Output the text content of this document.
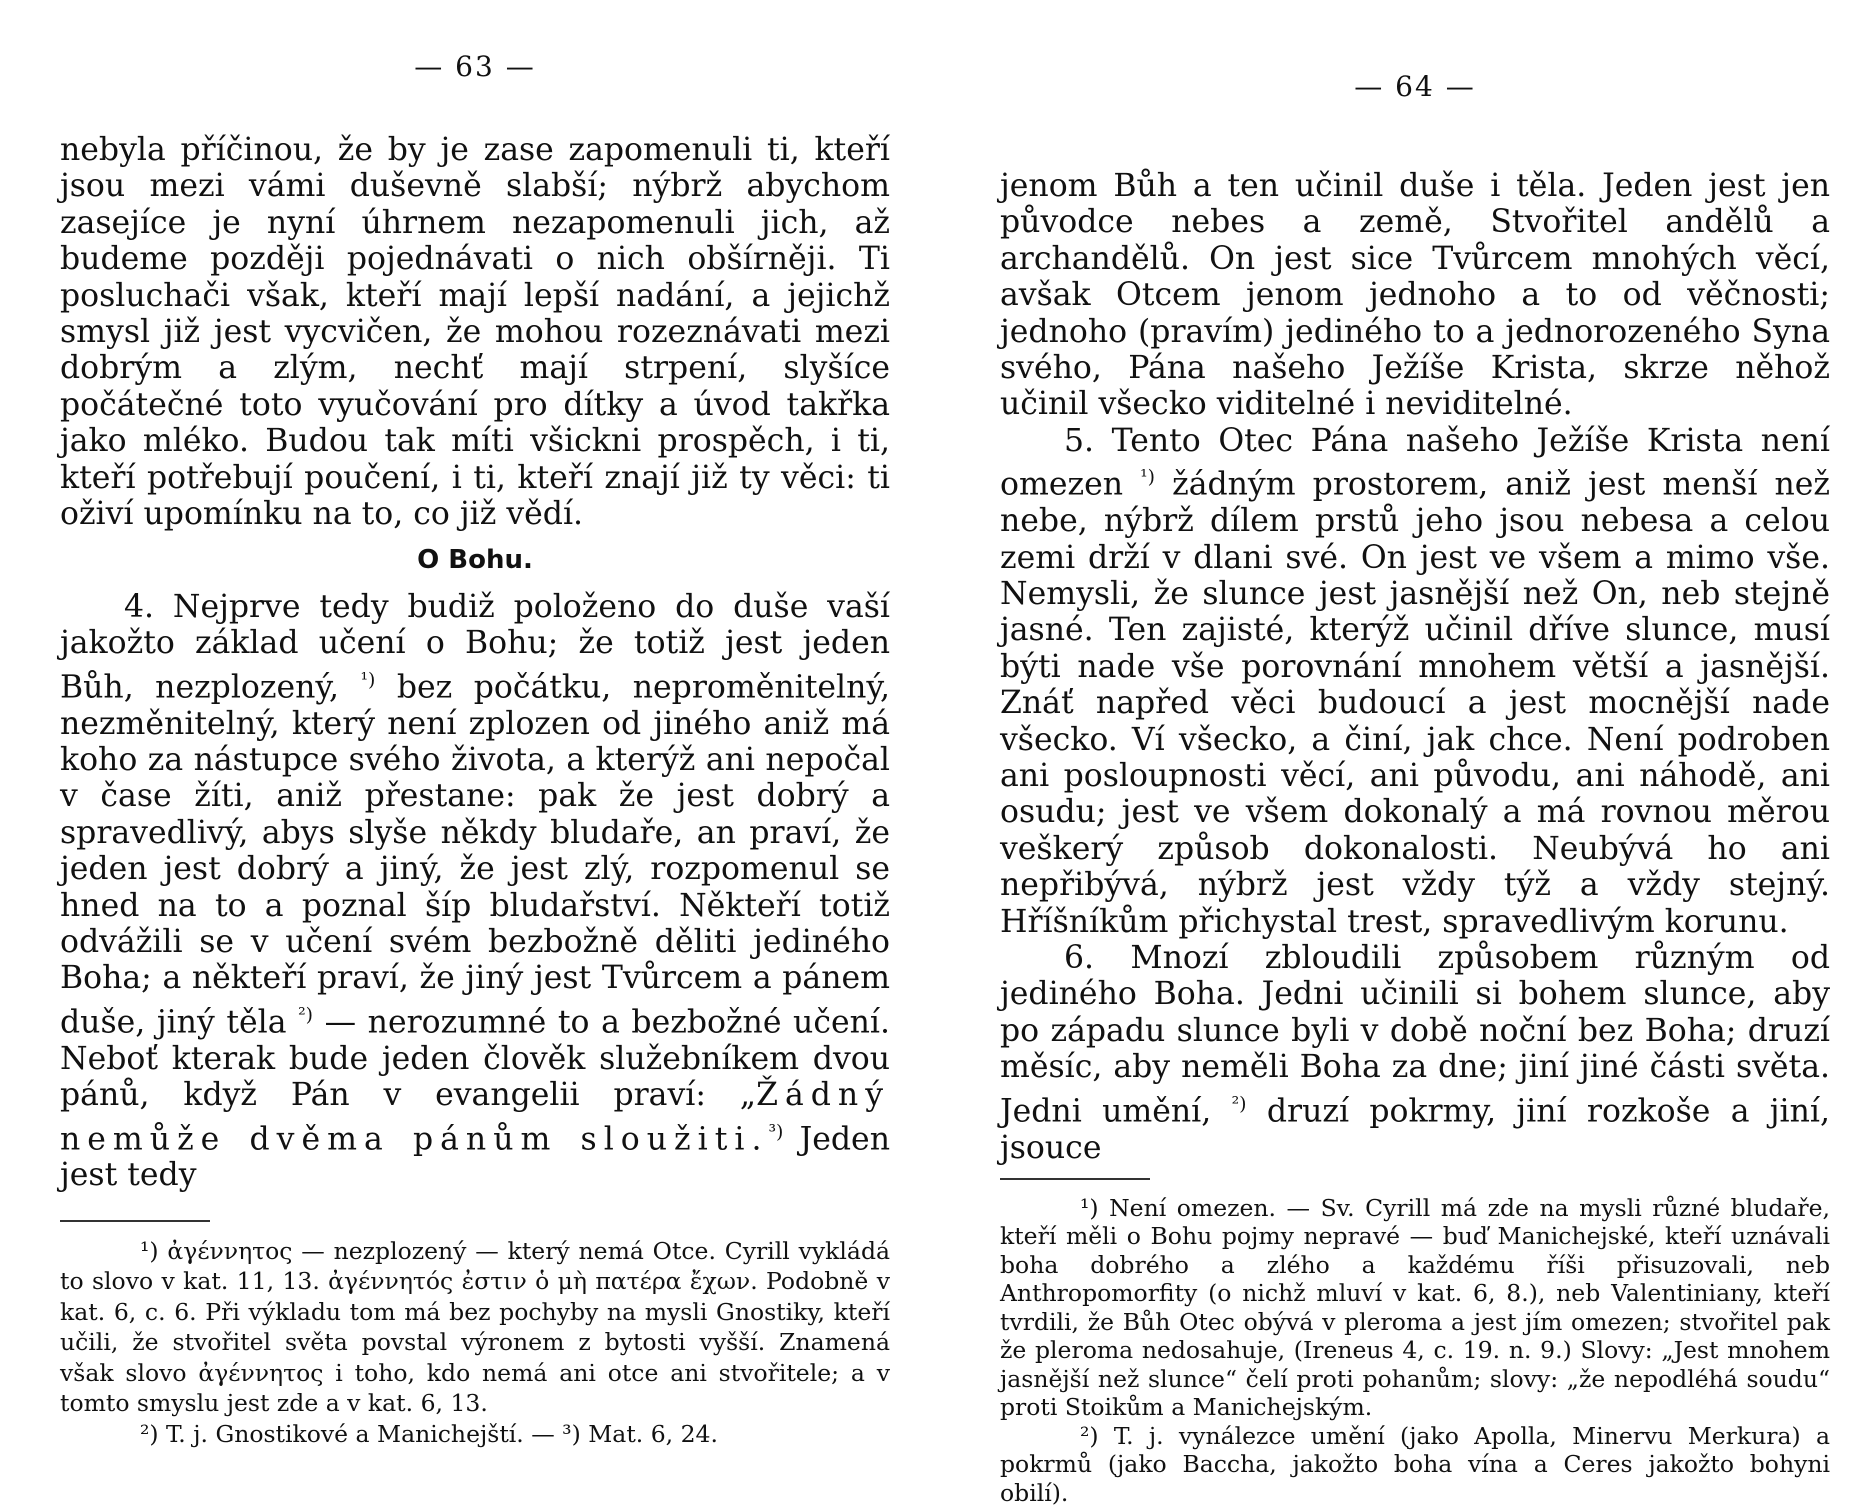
— 63 —

nebyla příčinou, že by je zase zapomenuli ti, kteří jsou mezi vámi duševně slabší; nýbrž abychom zasejíce je nyní úhrnem nezapomenuli jich, až budeme později pojednávati o nich obšírněji. Ti posluchači však, kteří mají lepší nadání, a jejichž smysl již jest vycvičen, že mohou rozeznávati mezi dobrým a zlým, nechť mají strpení, slyšíce počátečné toto vyučování pro dítky a úvod takřka jako mléko. Budou tak míti všickni prospěch, i ti, kteří potřebují poučení, i ti, kteří znají již ty věci: ti oživí upomínku na to, co již vědí.

O Bohu.

4. Nejprve tedy budiž položeno do duše vaší jakožto základ učení o Bohu; že totiž jest jeden Bůh, nezplozený, $^{^1)}$ bez počátku, neproměnitelný, nezměnitelný, který není zplozen od jiného aniž má koho za nástupce svého života, a kterýž ani nepočal v čase žíti, aniž přestane: pak že jest dobrý a spravedlivý, abys slyše někdy bludaře, an praví, že jeden jest dobrý a jiný, že jest zlý, rozpomenul se hned na to a poznal šíp bludařství. Někteří totiž odvážili se v učení svém bezbožně děliti jediného Boha; a někteří praví, že jiný jest Tvůrcem a pánem duše, jiný těla $^{^2)}$ — nerozumné to a bezbožné učení. Neboť kterak bude jeden člověk služebníkem dvou pánů, když Pán v evangelii praví: „Žádný nemůže dvěma pánům sloužiti.$^{^3)}$ Jeden jest tedy

¹) ἀγέννητος — nezplozený — který nemá Otce. Cyrill vykládá to slovo v kat. 11, 13. ἀγέννητός ἐστιν ὁ μὴ πατέρα ἔχων. Podobně v kat. 6, c. 6. Při výkladu tom má bez pochyby na mysli Gnostiky, kteří učili, že stvořitel světa povstal výronem z bytosti vyšší. Znamená však slovo ἀγέννητος i toho, kdo nemá ani otce ani stvořitele; a v tomto smyslu jest zde a v kat. 6, 13.

²) T. j. Gnostikové a Manichejští. — ³) Mat. 6, 24.

— 64 —

jenom Bůh a ten učinil duše i těla. Jeden jest jen původce nebes a země, Stvořitel andělů a archandělů. On jest sice Tvůrcem mnohých věcí, avšak Otcem jenom jednoho a to od věčnosti; jednoho (pravím) jediného to a jednorozeného Syna svého, Pána našeho Ježíše Krista, skrze něhož učinil všecko viditelné i neviditelné.

5. Tento Otec Pána našeho Ježíše Krista není omezen $^{^1)}$ žádným prostorem, aniž jest menší než nebe, nýbrž dílem prstů jeho jsou nebesa a celou zemi drží v dlani své. On jest ve všem a mimo vše. Nemysli, že slunce jest jasnější než On, neb stejně jasné. Ten zajisté, kterýž učinil dříve slunce, musí býti nade vše porovnání mnohem větší a jasnější. Znáť napřed věci budoucí a jest mocnější nade všecko. Ví všecko, a činí, jak chce. Není podroben ani posloupnosti věcí, ani původu, ani náhodě, ani osudu; jest ve všem dokonalý a má rovnou měrou veškerý způsob dokonalosti. Neubývá ho ani nepřibývá, nýbrž jest vždy týž a vždy stejný. Hříšníkům přichystal trest, spravedlivým korunu.

6. Mnozí zbloudili způsobem různým od jediného Boha. Jedni učinili si bohem slunce, aby po západu slunce byli v době noční bez Boha; druzí měsíc, aby neměli Boha za dne; jiní jiné části světa. Jedni umění, $^{^2)}$ druzí pokrmy, jiní rozkoše a jiní, jsouce

¹) Není omezen. — Sv. Cyrill má zde na mysli různé bludaře, kteří měli o Bohu pojmy nepravé — buď Manichejské, kteří uznávali boha dobrého a zlého a každému říši přisuzovali, neb Anthropomorfity (o nichž mluví v kat. 6, 8.), neb Valentiniany, kteří tvrdili, že Bůh Otec obývá v pleroma a jest jím omezen; stvořitel pak že pleroma nedosahuje, (Ireneus 4, c. 19. n. 9.) Slovy: „Jest mnohem jasnější než slunce“ čelí proti pohanům; slovy: „že nepodléhá soudu“ proti Stoikům a Manichejským.

²) T. j. vynálezce umění (jako Apolla, Minervu Merkura) a pokrmů (jako Baccha, jakožto boha vína a Ceres jakožto bohyni obilí).
